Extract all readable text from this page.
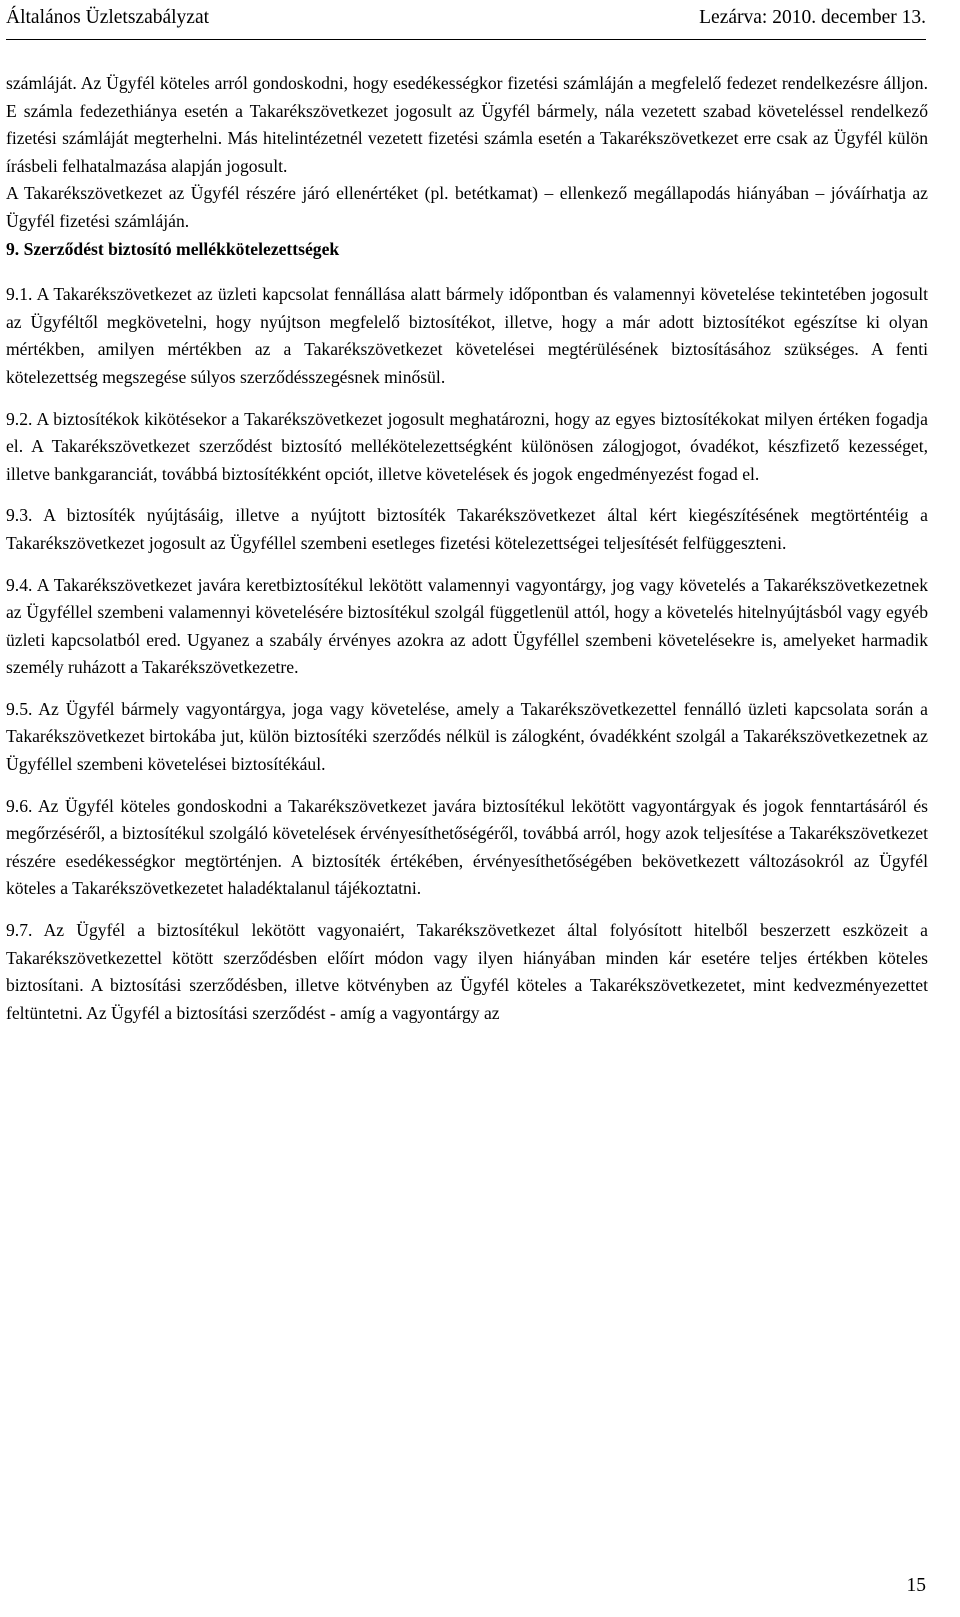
Általános Üzletszabályzat	Lezárva: 2010. december 13.

számláját. Az Ügyfél köteles arról gondoskodni, hogy esedékességkor fizetési számláján a megfelelő fedezet rendelkezésre álljon. E számla fedezethiánya esetén a Takarékszövetkezet jogosult az Ügyfél bármely, nála vezetett szabad követeléssel rendelkező fizetési számláját megterhelni. Más hitelintézetnél vezetett fizetési számla esetén a Takarékszövetkezet erre csak az Ügyfél külön írásbeli felhatalmazása alapján jogosult.

A Takarékszövetkezet az Ügyfél részére járó ellenértéket (pl. betétkamat) – ellenkező megállapodás hiányában – jóváírhatja az Ügyfél fizetési számláján.

9. Szerződést biztosító mellékkötelezettségek

9.1. A Takarékszövetkezet az üzleti kapcsolat fennállása alatt bármely időpontban és valamennyi követelése tekintetében jogosult az Ügyféltől megkövetelni, hogy nyújtson megfelelő biztosítékot, illetve, hogy a már adott biztosítékot egészítse ki olyan mértékben, amilyen mértékben az a Takarékszövetkezet követelései megtérülésének biztosításához szükséges. A fenti kötelezettség megszegése súlyos szerződésszegésnek minősül.

9.2. A biztosítékok kikötésekor a Takarékszövetkezet jogosult meghatározni, hogy az egyes biztosítékokat milyen értéken fogadja el. A Takarékszövetkezet szerződést biztosító mellékötelezettségként különösen zálogjogot, óvadékot, készfizető kezességet, illetve bankgaranciát, továbbá biztosítékként opciót, illetve követelések és jogok engedményezést fogad el.

9.3. A biztosíték nyújtásáig, illetve a nyújtott biztosíték Takarékszövetkezet által kért kiegészítésének megtörténtéig a Takarékszövetkezet jogosult az Ügyféllel szembeni esetleges fizetési kötelezettségei teljesítését felfüggeszteni.

9.4. A Takarékszövetkezet javára keretbiztosítékul lekötött valamennyi vagyontárgy, jog vagy követelés a Takarékszövetkezetnek az Ügyféllel szembeni valamennyi követelésére biztosítékul szolgál függetlenül attól, hogy a követelés hitelnyújtásból vagy egyéb üzleti kapcsolatból ered. Ugyanez a szabály érvényes azokra az adott Ügyféllel szembeni követelésekre is, amelyeket harmadik személy ruházott a Takarékszövetkezetre.

9.5. Az Ügyfél bármely vagyontárgya, joga vagy követelése, amely a Takarékszövetkezettel fennálló üzleti kapcsolata során a Takarékszövetkezet birtokába jut, külön biztosítéki szerződés nélkül is zálogként, óvadékként szolgál a Takarékszövetkezetnek az Ügyféllel szembeni követelései biztosítékául.

9.6. Az Ügyfél köteles gondoskodni a Takarékszövetkezet javára biztosítékul lekötött vagyontárgyak és jogok fenntartásáról és megőrzéséről, a biztosítékul szolgáló követelések érvényesíthetőségéről, továbbá arról, hogy azok teljesítése a Takarékszövetkezet részére esedékességkor megtörténjen. A biztosíték értékében, érvényesíthetőségében bekövetkezett változásokról az Ügyfél köteles a Takarékszövetkezetet haladéktalanul tájékoztatni.

9.7. Az Ügyfél a biztosítékul lekötött vagyonaiért, Takarékszövetkezet által folyósított hitelből beszerzett eszközeit a Takarékszövetkezettel kötött szerződésben előírt módon vagy ilyen hiányában minden kár esetére teljes értékben köteles biztosítani. A biztosítási szerződésben, illetve kötvényben az Ügyfél köteles a Takarékszövetkezetet, mint kedvezményezettet feltüntetni. Az Ügyfél a biztosítási szerződést - amíg a vagyontárgy az

15
